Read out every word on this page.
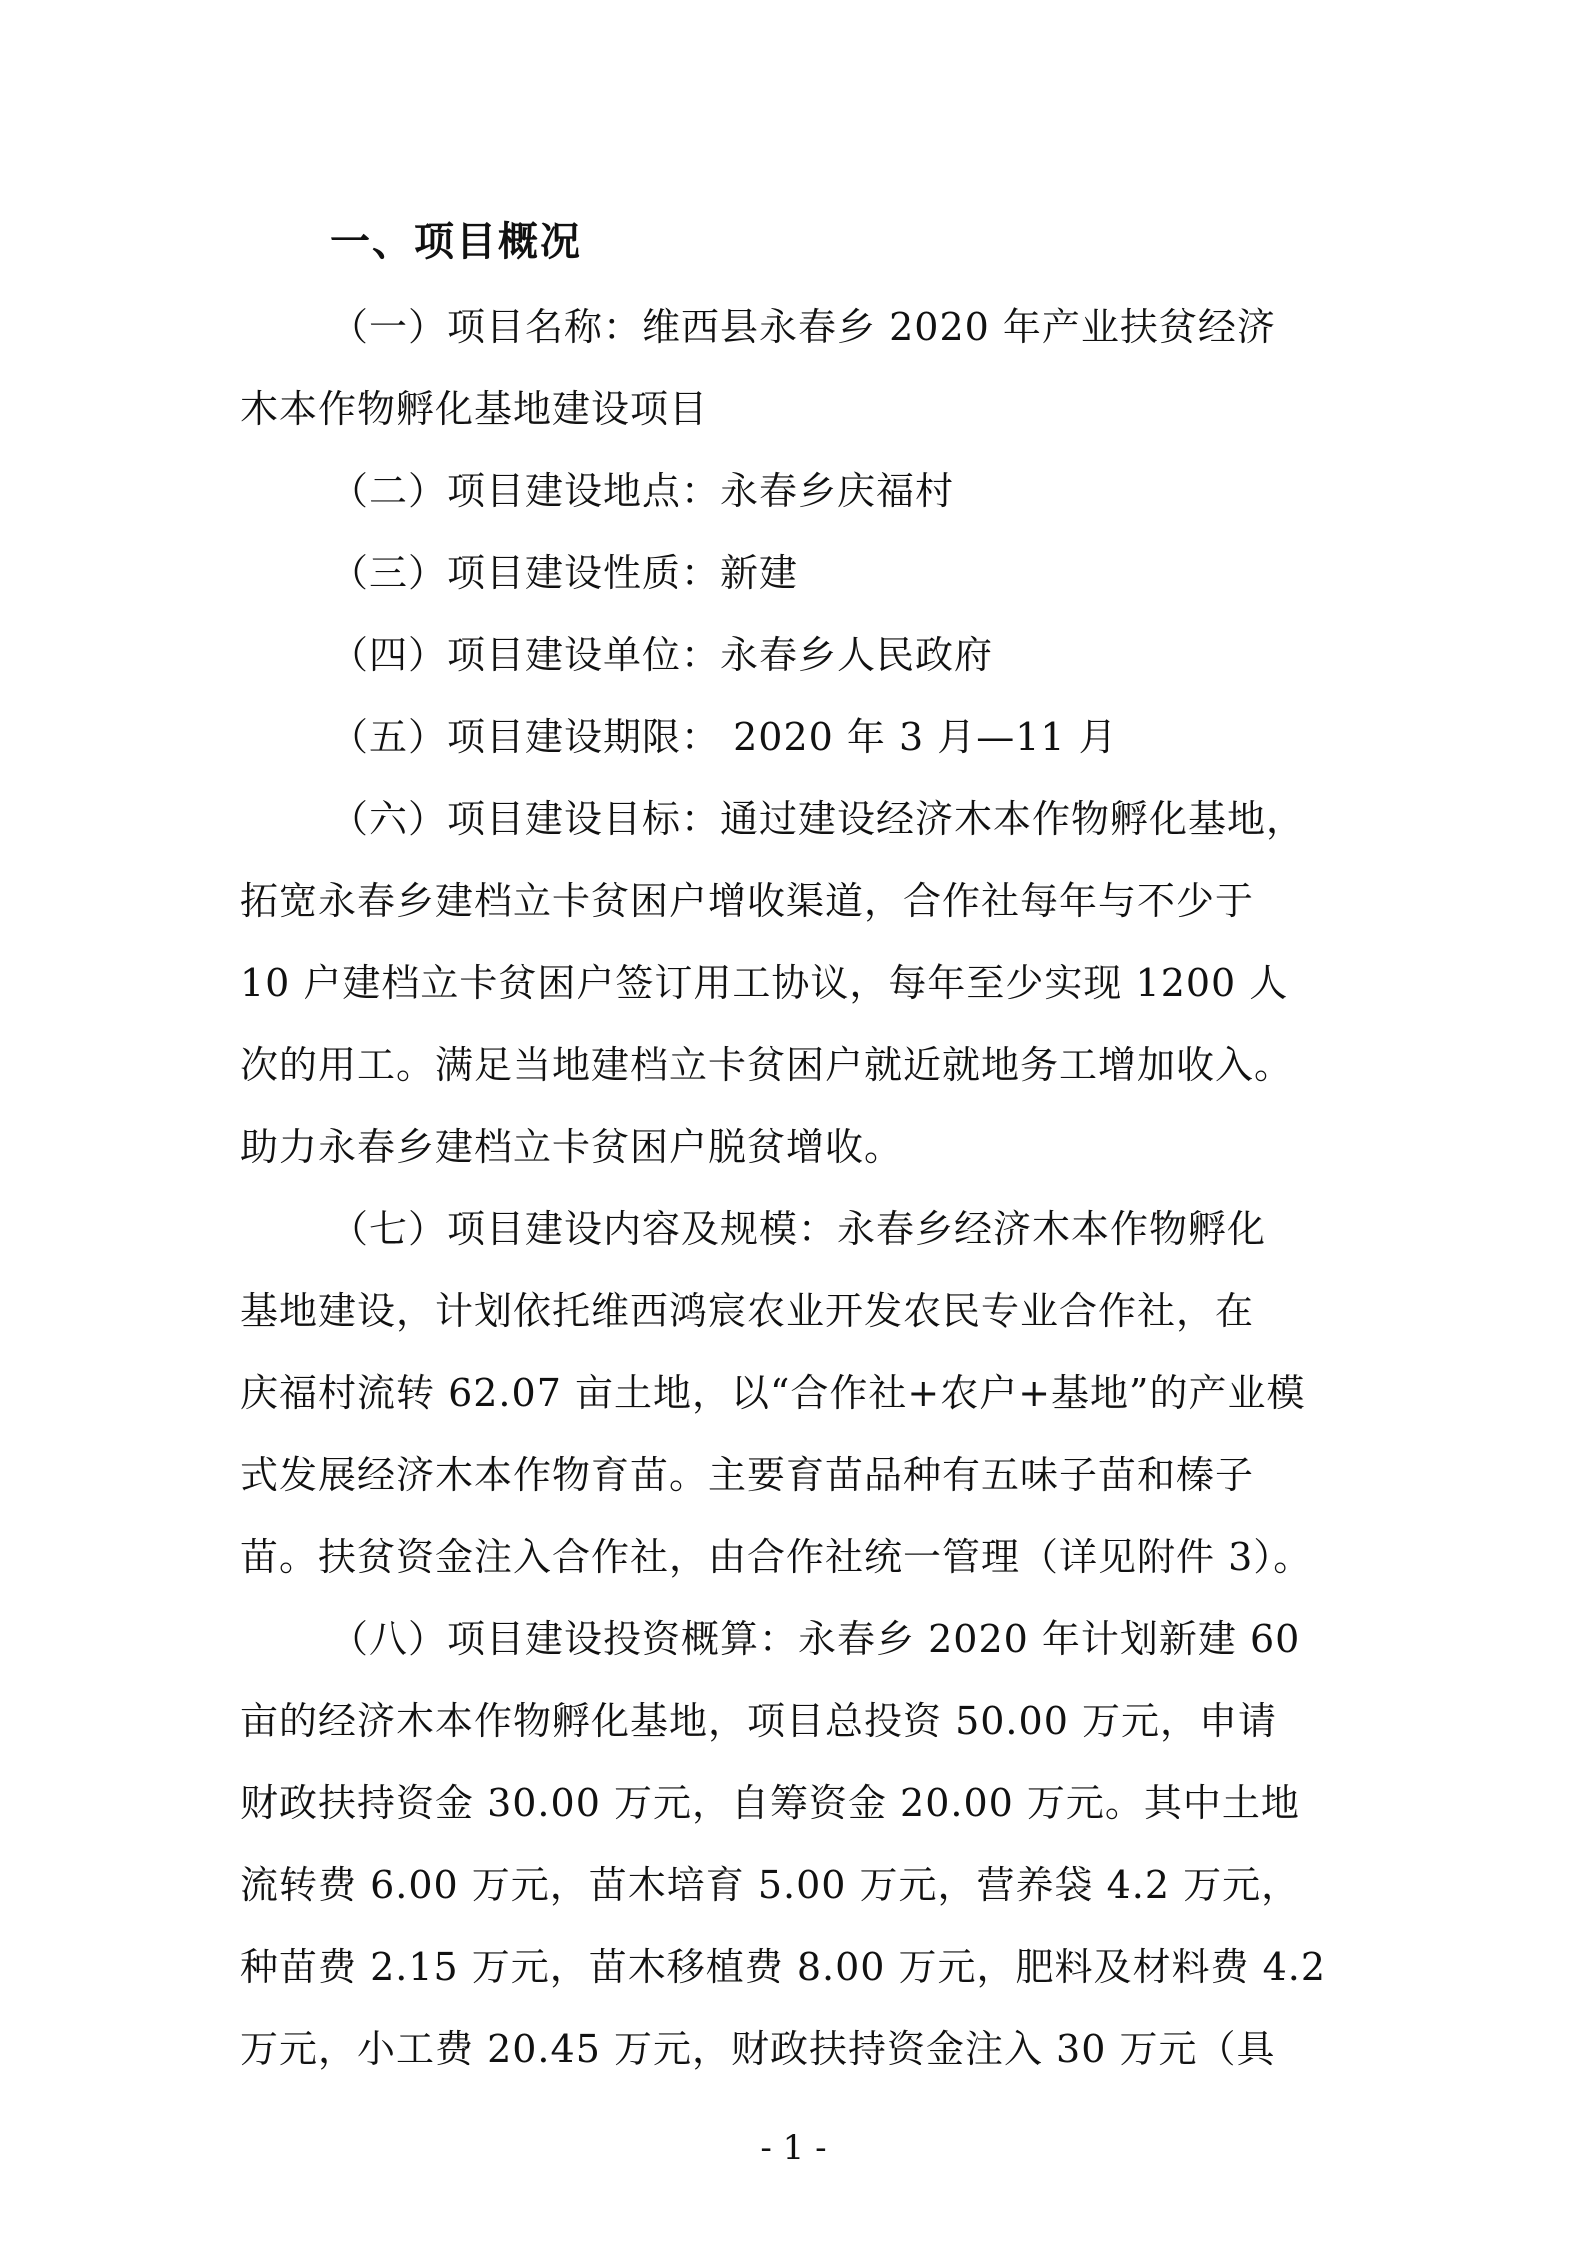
一、项目概况
（一）项目名称：维西县永春乡 2020 年产业扶贫经济
木本作物孵化基地建设项目
（二）项目建设地点：永春乡庆福村
（三）项目建设性质：新建
（四）项目建设单位：永春乡人民政府
（五）项目建设期限： 2020 年 3 月—11 月
（六）项目建设目标：通过建设经济木本作物孵化基地，
拓宽永春乡建档立卡贫困户增收渠道，合作社每年与不少于
10 户建档立卡贫困户签订用工协议，每年至少实现 1200 人
次的用工。满足当地建档立卡贫困户就近就地务工增加收入。
助力永春乡建档立卡贫困户脱贫增收。
（七）项目建设内容及规模：永春乡经济木本作物孵化
基地建设，计划依托维西鸿宸农业开发农民专业合作社，在
庆福村流转 62.07 亩土地，以“合作社+农户+基地”的产业模
式发展经济木本作物育苗。主要育苗品种有五味子苗和榛子
苗。扶贫资金注入合作社，由合作社统一管理（详见附件 3）。
（八）项目建设投资概算：永春乡 2020 年计划新建 60
亩的经济木本作物孵化基地，项目总投资 50.00 万元，申请
财政扶持资金 30.00 万元，自筹资金 20.00 万元。其中土地
流转费 6.00 万元，苗木培育 5.00 万元，营养袋 4.2 万元，
种苗费 2.15 万元，苗木移植费 8.00 万元，肥料及材料费 4.2
万元，小工费 20.45 万元，财政扶持资金注入 30 万元（具
- 1 -
